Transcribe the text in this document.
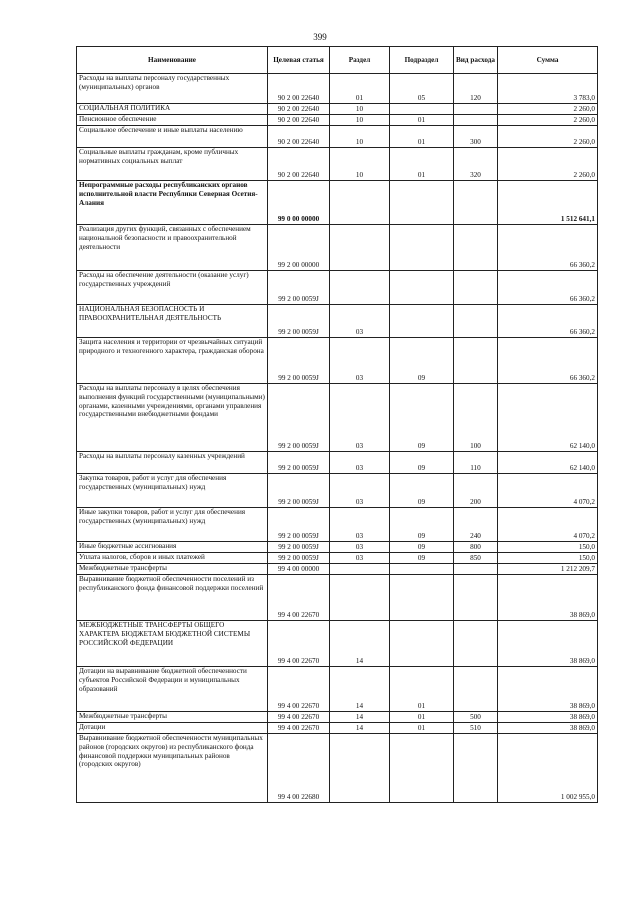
399
Наименование	Целевая статья	Раздел	Подраздел	Вид расхода	Сумма
Расходы на выплаты персоналу государственных (муниципальных) органов	90 2 00 22640	01	05	120	3 783,0
СОЦИАЛЬНАЯ ПОЛИТИКА	90 2 00 22640	10			2 260,0
Пенсионное обеспечение	90 2 00 22640	10	01		2 260,0
Социальное обеспечение и иные выплаты населению	90 2 00 22640	10	01	300	2 260,0
Социальные выплаты гражданам, кроме публичных нормативных социальных выплат	90 2 00 22640	10	01	320	2 260,0
Непрограммные расходы республиканских органов исполнительной власти Республики Северная Осетия-Алания	99 0 00 00000				1 512 641,1
Реализация других функций, связанных с обеспечением национальной безопасности и правоохранительной деятельности	99 2 00 00000				66 360,2
Расходы на обеспечение деятельности (оказание услуг) государственных учреждений	99 2 00 0059J				66 360,2
НАЦИОНАЛЬНАЯ БЕЗОПАСНОСТЬ И ПРАВООХРАНИТЕЛЬНАЯ ДЕЯТЕЛЬНОСТЬ	99 2 00 0059J	03			66 360,2
Защита населения и территории от чрезвычайных ситуаций природного и техногенного характера, гражданская оборона	99 2 00 0059J	03	09		66 360,2
Расходы на выплаты персоналу в целях обеспечения выполнения функций государственными (муниципальными) органами, казенными учреждениями, органами управления государственными внебюджетными фондами	99 2 00 0059J	03	09	100	62 140,0
Расходы на выплаты персоналу казенных учреждений	99 2 00 0059J	03	09	110	62 140,0
Закупка товаров, работ и услуг для обеспечения государственных (муниципальных) нужд	99 2 00 0059J	03	09	200	4 070,2
Иные закупки товаров, работ и услуг для обеспечения государственных (муниципальных) нужд	99 2 00 0059J	03	09	240	4 070,2
Иные бюджетные ассигнования	99 2 00 0059J	03	09	800	150,0
Уплата налогов, сборов и иных платежей	99 2 00 0059J	03	09	850	150,0
Межбюджетные трансферты	99 4 00 00000				1 212 209,7
Выравнивание бюджетной обеспеченности поселений из республиканского фонда финансовой поддержки поселений	99 4 00 22670				38 869,0
МЕЖБЮДЖЕТНЫЕ ТРАНСФЕРТЫ ОБЩЕГО ХАРАКТЕРА БЮДЖЕТАМ БЮДЖЕТНОЙ СИСТЕМЫ РОССИЙСКОЙ ФЕДЕРАЦИИ	99 4 00 22670	14			38 869,0
Дотации на выравнивание бюджетной обеспеченности субъектов Российской Федерации и муниципальных образований	99 4 00 22670	14	01		38 869,0
Межбюджетные трансферты	99 4 00 22670	14	01	500	38 869,0
Дотации	99 4 00 22670	14	01	510	38 869,0
Выравнивание бюджетной обеспеченности муниципальных районов (городских округов) из республиканского фонда финансовой поддержки муниципальных районов (городских округов)	99 4 00 22680				1 002 955,0
